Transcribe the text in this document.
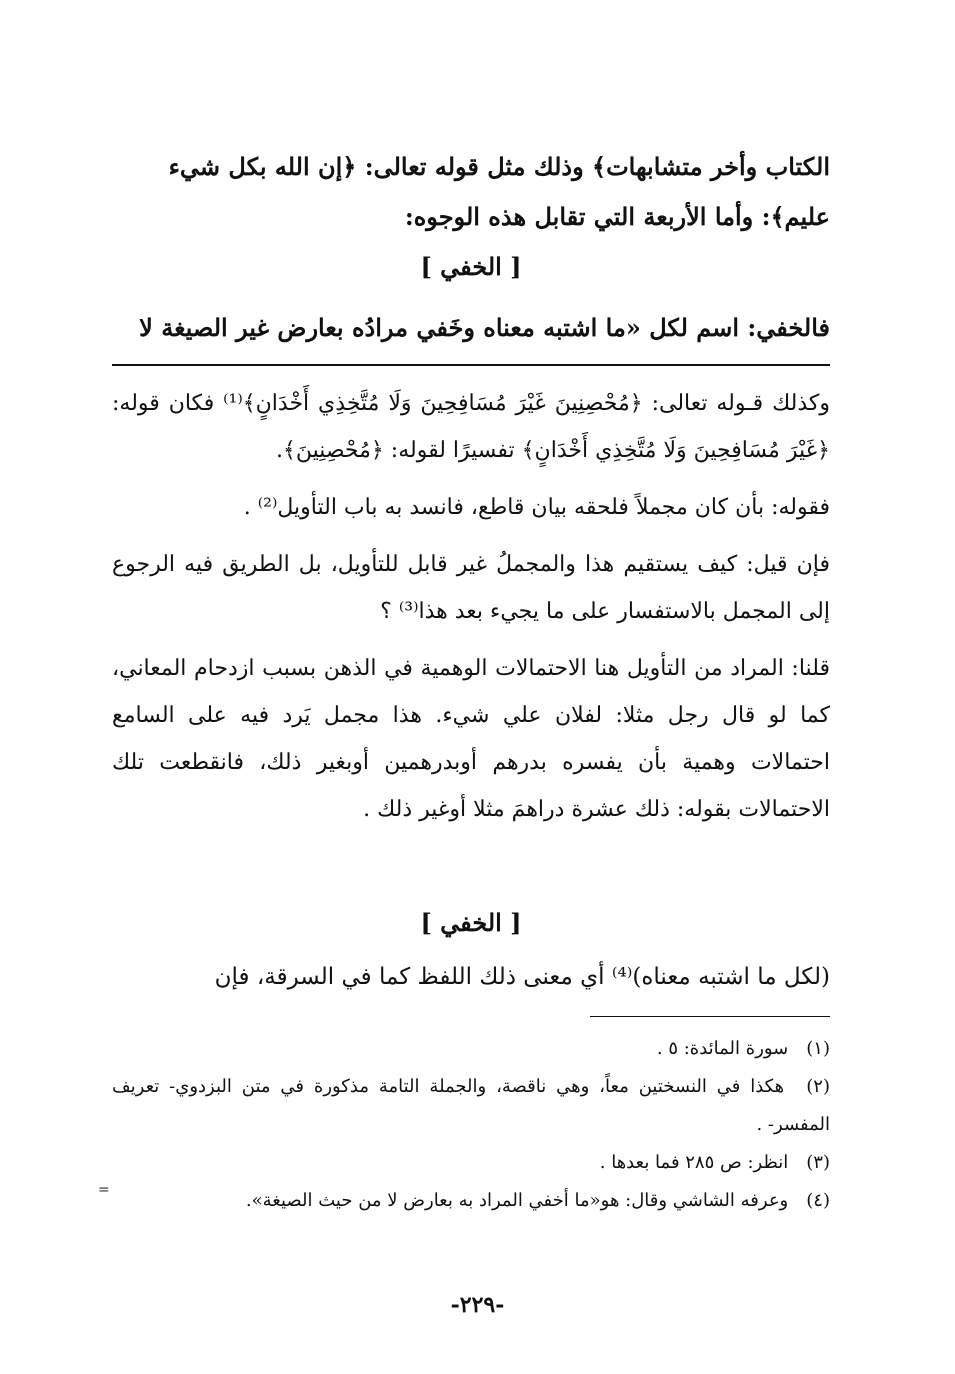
الكتاب وأخر متشابهات﴾ وذلك مثل قوله تعالى: ﴿إن الله بكل شيء

عليم﴾: وأما الأربعة التي تقابل هذه الوجوه:

[ الخفي ]
فالخفي: اسم لكل «ما اشتبه معناه وخَفي مرادُه بعارض غير الصيغة لا

وكذلك قـوله تعالى: ﴿مُحْصِنِينَ غَيْرَ مُسَافِحِينَ وَلَا مُتَّخِذِي أَخْدَانٍ﴾⁽¹⁾ فكان قوله: ﴿غَيْرَ مُسَافِحِينَ وَلَا مُتَّخِذِي أَخْدَانٍ﴾ تفسيرًا لقوله: ﴿مُحْصِنِينَ﴾.

فقوله: بأن كان مجملاً فلحقه بيان قاطع، فانسد به باب التأويل⁽²⁾ .

فإن قيل: كيف يستقيم هذا والمجملُ غير قابل للتأويل، بل الطريق فيه الرجوع إلى المجمل بالاستفسار على ما يجيء بعد هذا⁽³⁾ ؟

قلنا: المراد من التأويل هنا الاحتمالات الوهمية في الذهن بسبب ازدحام المعاني، كما لو قال رجل مثلا: لفلان علي شيء. هذا مجمل يَرد فيه على السامع احتمالات وهمية بأن يفسره بدرهم أوبدرهمين أوبغير ذلك، فانقطعت تلك الاحتمالات بقوله: ذلك عشرة دراهمَ مثلا أوغير ذلك .

[ الخفي ]
(لكل ما اشتبه معناه)⁽⁴⁾ أي معنى ذلك اللفظ كما في السرقة، فإن
(١) سورة المائدة: ٥ .
(٢) هكذا في النسختين معاً، وهي ناقصة، والجملة التامة مذكورة في متن البزدوي- تعريف المفسر- .
(٣) انظر: ص ٢٨٥ فما بعدها .
(٤) وعرفه الشاشي وقال: هو«ما أخفي المراد به بعارض لا من حيث الصيغة».
=
-٢٢٩-
